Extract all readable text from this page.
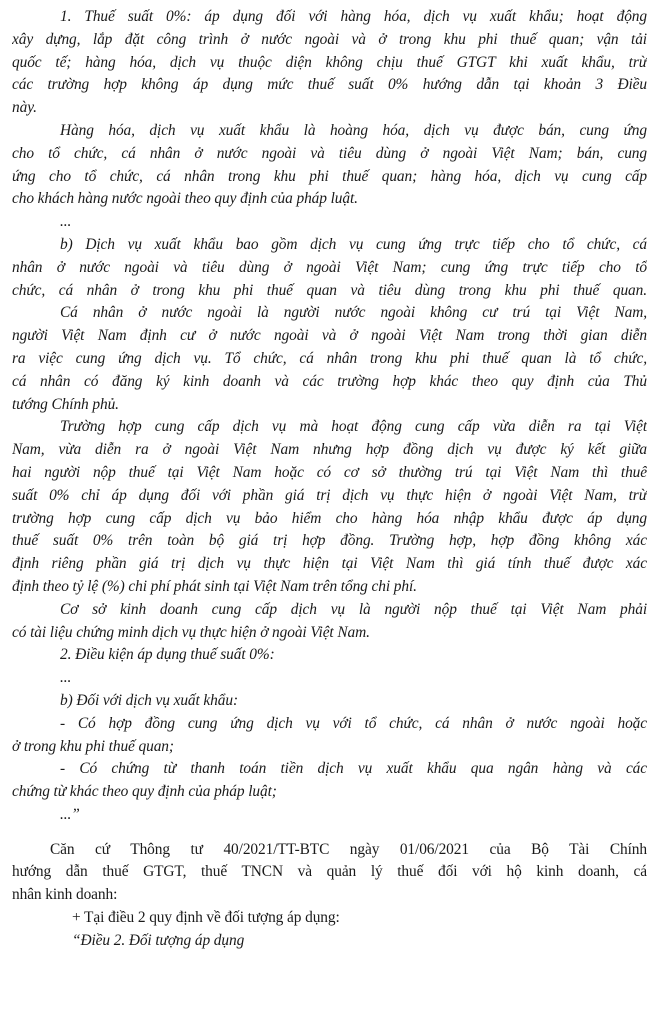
1. Thuế suất 0%: áp dụng đối với hàng hóa, dịch vụ xuất khẩu; hoạt động
xây dựng, lắp đặt công trình ở nước ngoài và ở trong khu phi thuế quan; vận tải
quốc tế; hàng hóa, dịch vụ thuộc diện không chịu thuế GTGT khi xuất khẩu, trừ
các trường hợp không áp dụng mức thuế suất 0% hướng dẫn tại khoản 3 Điều
này.
Hàng hóa, dịch vụ xuất khẩu là hoàng hóa, dịch vụ được bán, cung ứng
cho tổ chức, cá nhân ở nước ngoài và tiêu dùng ở ngoài Việt Nam; bán, cung
ứng cho tổ chức, cá nhân trong khu phi thuế quan; hàng hóa, dịch vụ cung cấp
cho khách hàng nước ngoài theo quy định của pháp luật.
...
b) Dịch vụ xuất khẩu bao gồm dịch vụ cung ứng trực tiếp cho tổ chức, cá
nhân ở nước ngoài và tiêu dùng ở ngoài Việt Nam; cung ứng trực tiếp cho tổ
chức, cá nhân ở trong khu phi thuế quan và tiêu dùng trong khu phi thuế quan.
Cá nhân ở nước ngoài là người nước ngoài không cư trú tại Việt Nam,
người Việt Nam định cư ở nước ngoài và ở ngoài Việt Nam trong thời gian diễn
ra việc cung ứng dịch vụ. Tổ chức, cá nhân trong khu phi thuế quan là tổ chức,
cá nhân có đăng ký kinh doanh và các trường hợp khác theo quy định của Thủ
tướng Chính phủ.
Trường hợp cung cấp dịch vụ mà hoạt động cung cấp vừa diễn ra tại Việt
Nam, vừa diễn ra ở ngoài Việt Nam nhưng hợp đồng dịch vụ được ký kết giữa
hai người nộp thuế tại Việt Nam hoặc có cơ sở thường trú tại Việt Nam thì thuế
suất 0% chỉ áp dụng đối với phần giá trị dịch vụ thực hiện ở ngoài Việt Nam, trừ
trường hợp cung cấp dịch vụ bảo hiểm cho hàng hóa nhập khẩu được áp dụng
thuế suất 0% trên toàn bộ giá trị hợp đồng. Trường hợp, hợp đồng không xác
định riêng phần giá trị dịch vụ thực hiện tại Việt Nam thì giá tính thuế được xác
định theo tỷ lệ (%) chi phí phát sinh tại Việt Nam trên tổng chi phí.
Cơ sở kinh doanh cung cấp dịch vụ là người nộp thuế tại Việt Nam phải
có tài liệu chứng minh dịch vụ thực hiện ở ngoài Việt Nam.
2. Điều kiện áp dụng thuế suất 0%:
...
b) Đối với dịch vụ xuất khẩu:
- Có hợp đồng cung ứng dịch vụ với tổ chức, cá nhân ở nước ngoài hoặc
ở trong khu phi thuế quan;
- Có chứng từ thanh toán tiền dịch vụ xuất khẩu qua ngân hàng và các
chứng từ khác theo quy định của pháp luật;
...”
Căn cứ Thông tư 40/2021/TT-BTC ngày 01/06/2021 của Bộ Tài Chính
hướng dẫn thuế GTGT, thuế TNCN và quản lý thuế đối với hộ kinh doanh, cá
nhân kinh doanh:
+ Tại điều 2 quy định về đối tượng áp dụng:
“Điều 2. Đối tượng áp dụng
